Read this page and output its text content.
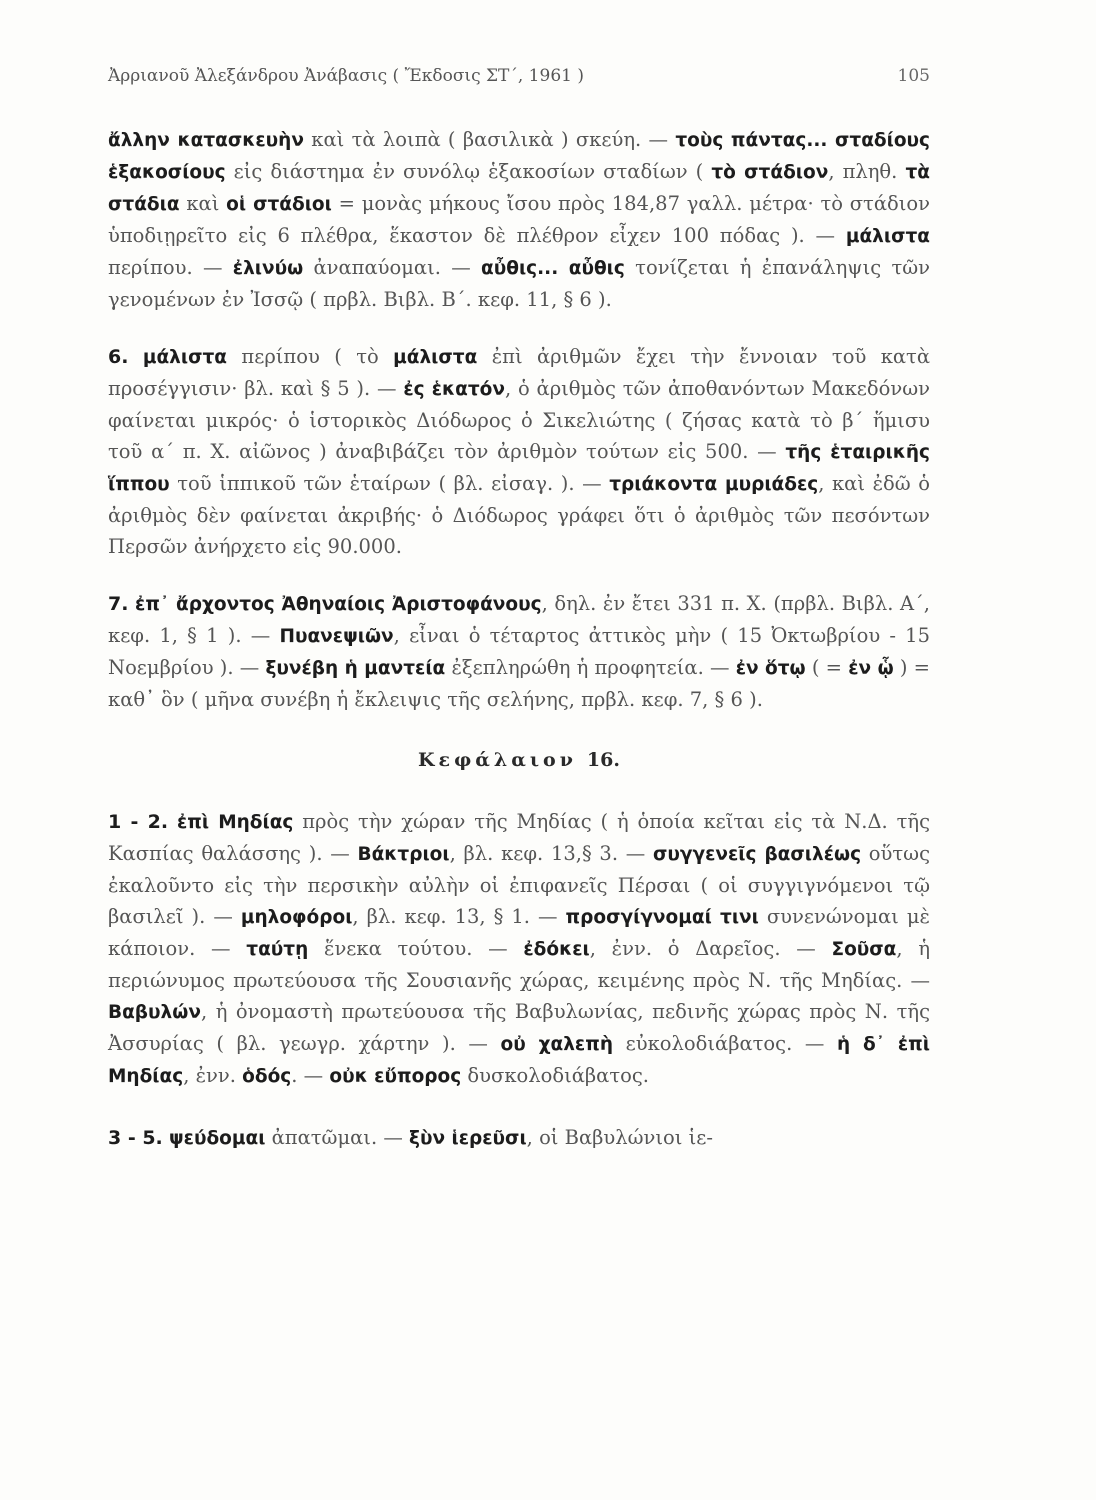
Ἀρριανοῦ Ἀλεξάνδρου Ἀνάβασις ( Ἔκδοσις ΣΤ΄, 1961 )	105

ἄλλην κατασκευὴν καὶ τὰ λοιπὰ ( βασιλικὰ ) σκεύη. — τοὺς πάντας... σταδίους ἑξακοσίους εἰς διάστημα ἐν συνόλῳ ἑξακοσίων σταδίων ( τὸ στάδιον, πληθ. τὰ στάδια καὶ οἱ στάδιοι = μονὰς μήκους ἴσου πρὸς 184,87 γαλλ. μέτρα· τὸ στάδιον ὑποδιῃρεῖτο εἰς 6 πλέθρα, ἕκαστον δὲ πλέθρον εἶχεν 100 πόδας ). — μάλιστα περίπου. — ἐλινύω ἀναπαύομαι. — αὖθις... αὖθις τονίζεται ἡ ἐπανάληψις τῶν γενομένων ἐν Ἰσσῷ ( πρβλ. Βιβλ. Β΄. κεφ. 11, § 6 ).

6. μάλιστα περίπου ( τὸ μάλιστα ἐπὶ ἀριθμῶν ἔχει τὴν ἔννοιαν τοῦ κατὰ προσέγγισιν· βλ. καὶ § 5 ). — ἐς ἑκατόν, ὁ ἀριθμὸς τῶν ἀποθανόντων Μακεδόνων φαίνεται μικρός· ὁ ἱστορικὸς Διόδωρος ὁ Σικελιώτης ( ζήσας κατὰ τὸ β΄ ἥμισυ τοῦ α΄ π. Χ. αἰῶνος ) ἀναβιβάζει τὸν ἀριθμὸν τούτων εἰς 500. — τῆς ἑταιρικῆς ἵππου τοῦ ἱππικοῦ τῶν ἑταίρων ( βλ. εἰσαγ. ). — τριάκοντα μυριάδες, καὶ ἐδῶ ὁ ἀριθμὸς δὲν φαίνεται ἀκριβής· ὁ Διόδωρος γράφει ὅτι ὁ ἀριθμὸς τῶν πεσόντων Περσῶν ἀνήρχετο εἰς 90.000.

7. ἐπ᾽ ἄρχοντος Ἀθηναίοις Ἀριστοφάνους, δηλ. ἐν ἔτει 331 π. Χ. (πρβλ. Βιβλ. Α΄, κεφ. 1, § 1 ). — Πυανεψιῶν, εἶναι ὁ τέταρτος ἀττικὸς μὴν ( 15 Ὀκτωβρίου - 15 Νοεμβρίου ). — ξυνέβη ἡ μαντεία ἐξεπληρώθη ἡ προφητεία. — ἐν ὅτῳ ( = ἐν ᾧ ) = καθ᾽ ὃν ( μῆνα συνέβη ἡ ἔκλειψις τῆς σελήνης, πρβλ. κεφ. 7, § 6 ).

Κεφάλαιον 16.

1 - 2. ἐπὶ Μηδίας πρὸς τὴν χώραν τῆς Μηδίας ( ἡ ὁποία κεῖται εἰς τὰ Ν.Δ. τῆς Κασπίας θαλάσσης ). — Βάκτριοι, βλ. κεφ. 13,§ 3. — συγγενεῖς βασιλέως οὕτως ἐκαλοῦντο εἰς τὴν περσικὴν αὐλὴν οἱ ἐπιφανεῖς Πέρσαι ( οἱ συγγιγνόμενοι τῷ βασιλεῖ ). — μηλοφόροι, βλ. κεφ. 13, § 1. — προσγίγνομαί τινι συνενώνομαι μὲ κάποιον. — ταύτῃ ἕνεκα τούτου. — ἐδόκει, ἐνν. ὁ Δαρεῖος. — Σοῦσα, ἡ περιώνυμος πρωτεύουσα τῆς Σουσιανῆς χώρας, κειμένης πρὸς Ν. τῆς Μηδίας. — Βαβυλών, ἡ ὀνομαστὴ πρωτεύουσα τῆς Βαβυλωνίας, πεδινῆς χώρας πρὸς Ν. τῆς Ἀσσυρίας ( βλ. γεωγρ. χάρτην ). — οὐ χαλεπὴ εὐκολοδιάβατος. — ἡ δ᾽ ἐπὶ Μηδίας, ἐνν. ὁδός. — οὐκ εὔπορος δυσκολοδιάβατος.

3 - 5. ψεύδομαι ἀπατῶμαι. — ξὺν ἱερεῦσι, οἱ Βαβυλώνιοι ἱε-
